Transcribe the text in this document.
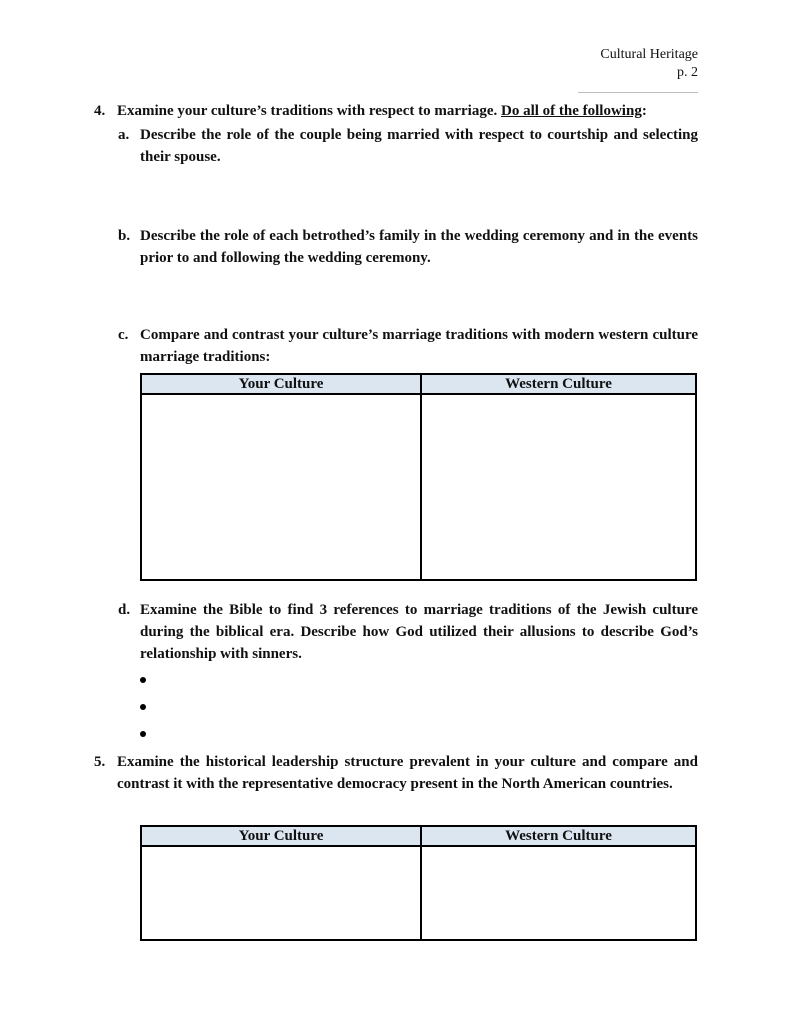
Cultural Heritage
p. 2
4. Examine your culture’s traditions with respect to marriage. Do all of the following:
a. Describe the role of the couple being married with respect to courtship and selecting their spouse.
b. Describe the role of each betrothed’s family in the wedding ceremony and in the events prior to and following the wedding ceremony.
c. Compare and contrast your culture’s marriage traditions with modern western culture marriage traditions:
Your Culture	Western Culture

d. Examine the Bible to find 3 references to marriage traditions of the Jewish culture during the biblical era. Describe how God utilized their allusions to describe God’s relationship with sinners.
5. Examine the historical leadership structure prevalent in your culture and compare and contrast it with the representative democracy present in the North American countries.
Your Culture	Western Culture
